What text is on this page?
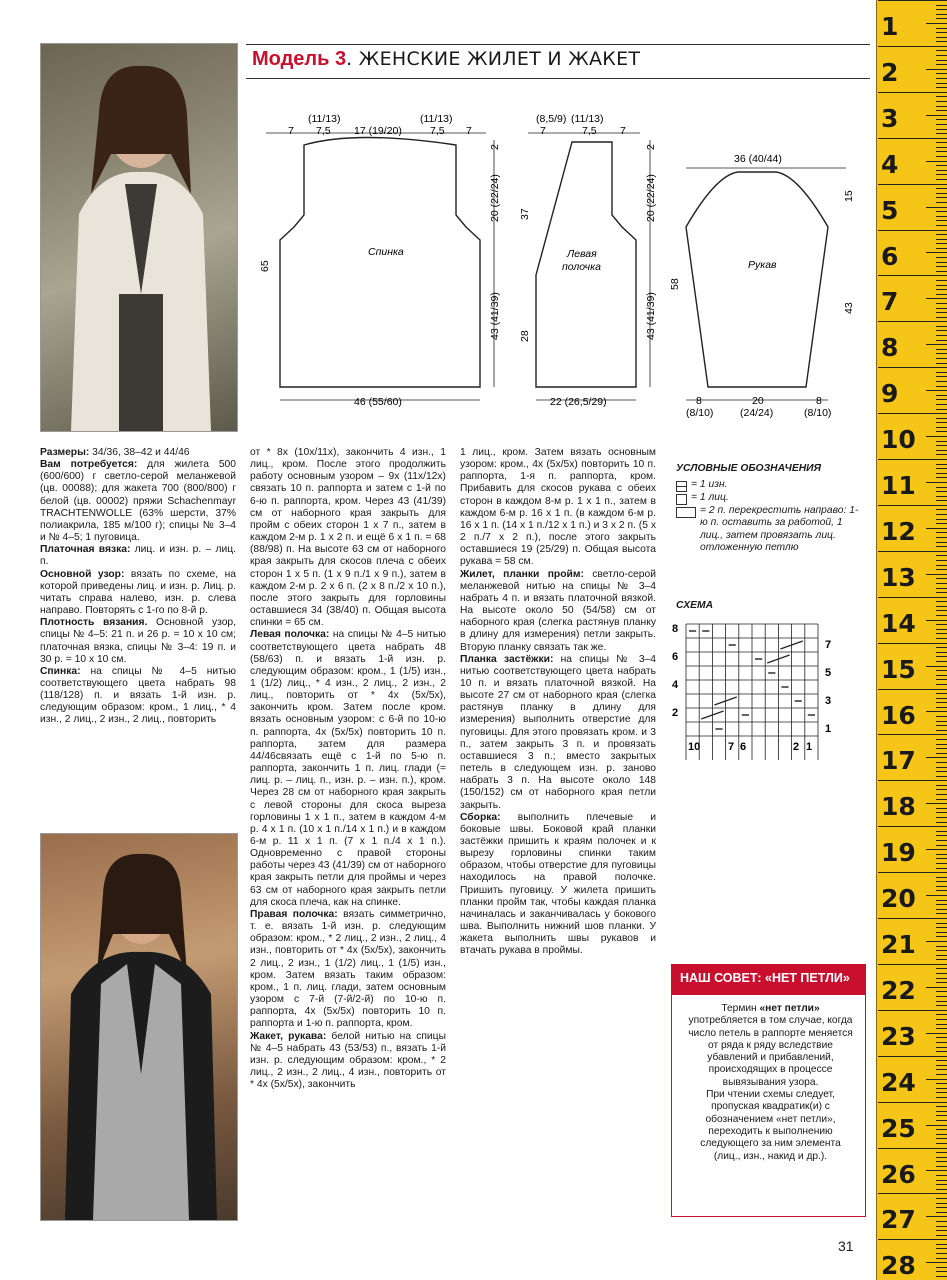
Модель 3. ЖЕНСКИЕ ЖИЛЕТ И ЖАКЕТ
(11/13)	(11/13)
7 7,5 17 (19/20)	7,5 7
Спинка
65
2
20 (22/24)
43 (41/39)
46 (55/60)
(8,5/9) (11/13)
7	7,5 7
Левая
полочка
37
28
2
20 (22/24)
43 (41/39)
22 (26,5/29)
36 (40/44)
Рукав
58
15
43
8
(8/10)
20
(24/24)
8
(8/10)

Размеры: 34/36, 38–42 и 44/46

Вам потребуется: для жилета 500 (600/600) г светло-серой меланжевой (цв. 00088); для жакета 700 (800/800) г белой (цв. 00002) пряжи Schachenmayr TRACHTENWOLLE (63% шерсти, 37% полиакрила, 185 м/100 г); спицы № 3–4 и № 4–5; 1 пуговица.

Платочная вязка: лиц. и изн. р. – лиц. п.

Основной узор: вязать по схеме, на которой приведены лиц. и изн. р. Лиц. р. читать справа налево, изн. р. слева направо. Повторять с 1-го по 8-й р.

Плотность вязания. Основной узор, спицы № 4–5: 21 п. и 26 р. = 10 х 10 см; платочная вязка, спицы № 3–4: 19 п. и 30 р. = 10 х 10 см.

Спинка: на спицы № 4–5 нитью соответствующего цвета набрать 98 (118/128) п. и вязать 1-й изн. р. следующим образом: кром., 1 лиц., * 4 изн., 2 лиц., 2 изн., 2 лиц., повторить

от * 8х (10х/11х), закончить 4 изн., 1 лиц., кром. После этого продолжить работу основным узором – 9х (11х/12х) связать 10 п. раппорта и затем с 1-й по 6-ю п. раппорта, кром. Через 43 (41/39) см от наборного края закрыть для пройм с обеих сторон 1 х 7 п., затем в каждом 2-м р. 1 х 2 п. и ещё 6 х 1 п. = 68 (88/98) п. На высоте 63 см от наборного края закрыть для скосов плеча с обеих сторон 1 х 5 п. (1 х 9 п./1 х 9 п.), затем в каждом 2-м р. 2 х 6 п. (2 х 8 п./2 х 10 п.), после этого закрыть для горловины оставшиеся 34 (38/40) п. Общая высота спинки = 65 см.

Левая полочка: на спицы № 4–5 нитью соответствующего цвета набрать 48 (58/63) п. и вязать 1-й изн. р. следующим образом: кром., 1 (1/5) изн., 1 (1/2) лиц., * 4 изн., 2 лиц., 2 изн., 2 лиц., повторить от * 4х (5х/5х), закончить кром. Затем после кром. вязать основным узором: с 6-й по 10-ю п. раппорта, 4х (5х/5х) повторить 10 п. раппорта, затем для размера 44/46связать ещё с 1-й по 5-ю п. раппорта, закончить 1 п. лиц. глади (= лиц. р. – лиц. п., изн. р. – изн. п.), кром. Через 28 см от наборного края закрыть с левой стороны для скоса выреза горловины 1 х 1 п., затем в каждом 4-м р. 4 х 1 п. (10 х 1 п./14 х 1 п.) и в каждом 6-м р. 11 х 1 п. (7 х 1 п./4 х 1 п.). Одновременно с правой стороны работы через 43 (41/39) см от наборного края закрыть петли для проймы и через 63 см от наборного края закрыть петли для скоса плеча, как на спинке.

Правая полочка: вязать симметрично, т. е. вязать 1-й изн. р. следующим образом: кром., * 2 лиц., 2 изн., 2 лиц., 4 изн., повторить от * 4х (5х/5х), закончить 2 лиц., 2 изн., 1 (1/2) лиц., 1 (1/5) изн., кром. Затем вязать таким образом: кром., 1 п. лиц. глади, затем основным узором с 7-й (7-й/2-й) по 10-ю п. раппорта, 4х (5х/5х) повторить 10 п. раппорта и 1-ю п. раппорта, кром.

Жакет, рукава: белой нитью на спицы № 4–5 набрать 43 (53/53) п., вязать 1-й изн. р. следующим образом: кром., * 2 лиц., 2 изн., 2 лиц., 4 изн., повторить от * 4х (5х/5х), закончить

1 лиц., кром. Затем вязать основным узором: кром., 4х (5х/5х) повторить 10 п. раппорта, 1-я п. раппорта, кром. Прибавить для скосов рукава с обеих сторон в каждом 8-м р. 1 х 1 п., затем в каждом 6-м р. 16 х 1 п. (в каждом 6-м р. 16 х 1 п. (14 х 1 п./12 х 1 п.) и 3 х 2 п. (5 х 2 п./7 х 2 п.), после этого закрыть оставшиеся 19 (25/29) п. Общая высота рукава = 58 см.

Жилет, планки пройм: светло-серой меланжевой нитью на спицы № 3–4 набрать 4 п. и вязать платочной вязкой. На высоте около 50 (54/58) см от наборного края (слегка растянув планку в длину для измерения) петли закрыть. Вторую планку связать так же.

Планка застёжки: на спицы № 3–4 нитью соответствующего цвета набрать 10 п. и вязать платочной вязкой. На высоте 27 см от наборного края (слегка растянув планку в длину для измерения) выполнить отверстие для пуговицы. Для этого провязать кром. и 3 п., затем закрыть 3 п. и провязать оставшиеся 3 п.; вместо закрытых петель в следующем изн. р. заново набрать 3 п. На высоте около 148 (150/152) см от наборного края петли закрыть.

Сборка: выполнить плечевые и боковые швы. Боковой край планки застёжки пришить к краям полочек и к вырезу горловины спинки таким образом, чтобы отверстие для пуговицы находилось на правой полочке. Пришить пуговицу. У жилета пришить планки пройм так, чтобы каждая планка начиналась и заканчивалась у бокового шва. Выполнить нижний шов планки. У жакета выполнить швы рукавов и втачать рукава в проймы.

УСЛОВНЫЕ ОБОЗНАЧЕНИЯ
= 1 изн.
= 1 лиц.
= 2 п. перекрестить направо: 1-ю п. оставить за работой, 1 лиц., затем провязать лиц. отложенную петлю
СХЕМА
8
6
4
2
7
5
3
1
10	7 6	2 1
НАШ СОВЕТ: «НЕТ ПЕТЛИ»

Термин «нет петли» употребляется в том случае, когда число петель в раппорте меняется от ряда к ряду вследствие убавлений и прибавлений, происходящих в процессе вывязывания узора.

При чтении схемы следует, пропуская квадратик(и) с обозначением «нет петли», переходить к выполнению следующего за ним элемента (лиц., изн., накид и др.).

31
1
2
3
4
5
6
7
8
9
10
11
12
13
14
15
16
17
18
19
20
21
22
23
24
25
26
27
28
